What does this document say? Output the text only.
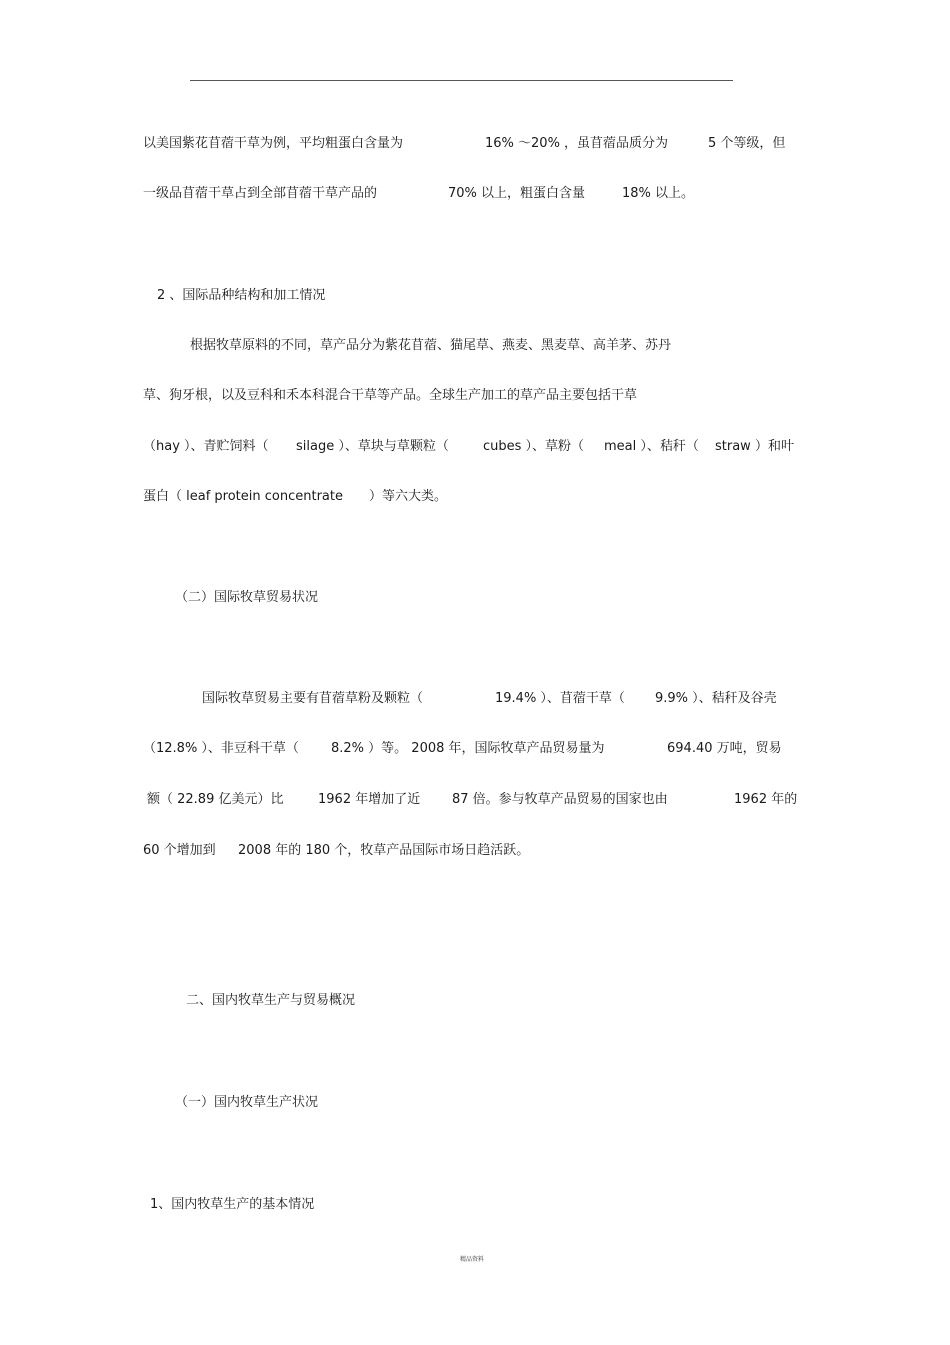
以美国紫花苜蓿干草为例，平均粗蛋白含量为	16% ～20% ，虽苜蓿品质分为	5 个等级，但
一级品苜蓿干草占到全部苜蓿干草产品的	70% 以上，粗蛋白含量	18% 以上。
2 、国际品种结构和加工情况
根据牧草原料的不同，草产品分为紫花苜蓿、猫尾草、燕麦、黑麦草、高羊茅、苏丹
草、狗牙根，以及豆科和禾本科混合干草等产品。全球生产加工的草产品主要包括干草
（hay ）、青贮饲料（ silage ）、草块与草颗粒（	cubes ）、草粉（ meal ）、秸秆（ straw ）和叶
蛋白（ leaf protein concentrate ）等六大类。
（二）国际牧草贸易状况
国际牧草贸易主要有苜蓿草粉及颗粒（	19.4% ）、苜蓿干草（ 9.9% ）、秸秆及谷壳
（12.8% ）、非豆科干草（ 8.2% ）等。 2008 年，国际牧草产品贸易量为	694.40 万吨，贸易
额（ 22.89 亿美元）比	1962 年增加了近 87 倍。参与牧草产品贸易的国家也由	1962 年的
60 个增加到 2008 年的 180 个，牧草产品国际市场日趋活跃。
二、国内牧草生产与贸易概况
（一）国内牧草生产状况
1、国内牧草生产的基本情况
精品资料
